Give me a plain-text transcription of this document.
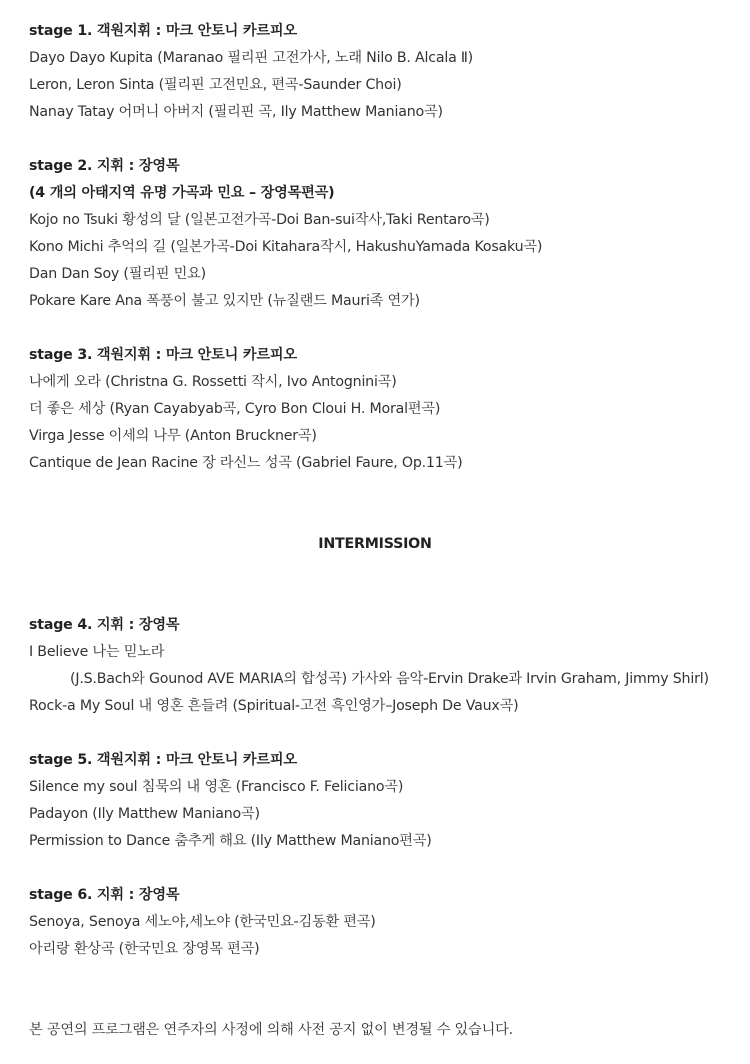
stage 1. 객원지휘 : 마크 안토니 카르피오
Dayo Dayo Kupita (Maranao 필리핀 고전가사, 노래 Nilo B. Alcala Ⅱ)
Leron, Leron Sinta (필리핀 고전민요, 편곡-Saunder Choi)
Nanay Tatay 어머니 아버지 (필리핀 곡, Ily Matthew Maniano곡)
stage 2. 지휘 : 장영목
(4 개의 아태지역 유명 가곡과 민요 – 장영목편곡)
Kojo no Tsuki 황성의 달 (일본고전가곡-Doi Ban-sui작사,Taki Rentaro곡)
Kono Michi 추억의 길 (일본가곡-Doi Kitahara작시, HakushuYamada Kosaku곡)
Dan Dan Soy (필리핀 민요)
Pokare Kare Ana 폭풍이 불고 있지만 (뉴질랜드 Mauri족 연가)
stage 3. 객원지휘 : 마크 안토니 카르피오
나에게 오라 (Christna G. Rossetti 작시, Ivo Antognini곡)
더 좋은 세상 (Ryan Cayabyab곡, Cyro Bon Cloui H. Moral편곡)
Virga Jesse 이세의 나무 (Anton Bruckner곡)
Cantique de Jean Racine 장 라신느 성곡 (Gabriel Faure, Op.11곡)
INTERMISSION
stage 4. 지휘 : 장영목
I Believe 나는 믿노라
(J.S.Bach와 Gounod AVE MARIA의 합성곡) 가사와 음악-Ervin Drake과 Irvin Graham, Jimmy Shirl)
Rock-a My Soul 내 영혼 흔들려 (Spiritual-고전 흑인영가–Joseph De Vaux곡)
stage 5. 객원지휘 : 마크 안토니 카르피오
Silence my soul 침묵의 내 영혼 (Francisco F. Feliciano곡)
Padayon (Ily Matthew Maniano곡)
Permission to Dance 춤추게 해요 (Ily Matthew Maniano편곡)
stage 6. 지휘 : 장영목
Senoya, Senoya 세노야,세노야 (한국민요-김동환 편곡)
아리랑 환상곡 (한국민요 장영목 편곡)
본 공연의 프로그램은 연주자의 사정에 의해 사전 공지 없이 변경될 수 있습니다.
